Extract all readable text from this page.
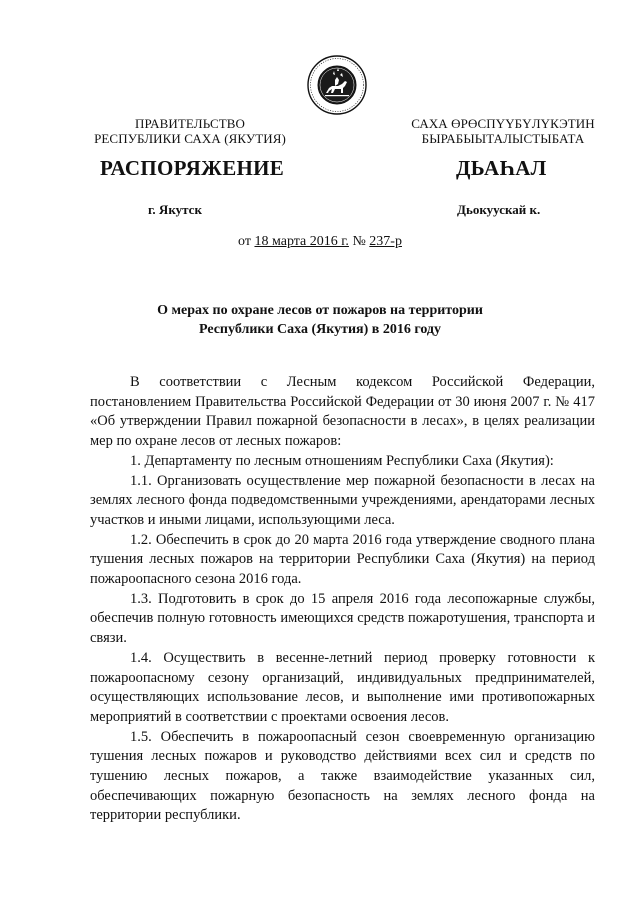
ПРАВИТЕЛЬСТВО
РЕСПУБЛИКИ САХА (ЯКУТИЯ)
САХА ӨРӨСПҮҮБҮЛҮКЭТИН
БЫРАБЫЫТАЛЫСТЫБАТА
РАСПОРЯЖЕНИЕ	ДЬАҺАЛ
г. Якутск	Дьокуускай к.
от 18 марта 2016 г. № 237-р
О мерах по охране лесов от пожаров на территории
Республики Саха (Якутия) в 2016 году

В соответствии с Лесным кодексом Российской Федерации, постановлением Правительства Российской Федерации от 30 июня 2007 г. № 417 «Об утверждении Правил пожарной безопасности в лесах», в целях реализации мер по охране лесов от лесных пожаров:

1. Департаменту по лесным отношениям Республики Саха (Якутия):

1.1. Организовать осуществление мер пожарной безопасности в лесах на землях лесного фонда подведомственными учреждениями, арендаторами лесных участков и иными лицами, использующими леса.

1.2. Обеспечить в срок до 20 марта 2016 года утверждение сводного плана тушения лесных пожаров на территории Республики Саха (Якутия) на период пожароопасного сезона 2016 года.

1.3. Подготовить в срок до 15 апреля 2016 года лесопожарные службы, обеспечив полную готовность имеющихся средств пожаротушения, транспорта и связи.

1.4. Осуществить в весенне-летний период проверку готовности к пожароопасному сезону организаций, индивидуальных предпринимателей, осуществляющих использование лесов, и выполнение ими противопожарных мероприятий в соответствии с проектами освоения лесов.

1.5. Обеспечить в пожароопасный сезон своевременную организацию тушения лесных пожаров и руководство действиями всех сил и средств по тушению лесных пожаров, а также взаимодействие указанных сил, обеспечивающих пожарную безопасность на землях лесного фонда на территории республики.
